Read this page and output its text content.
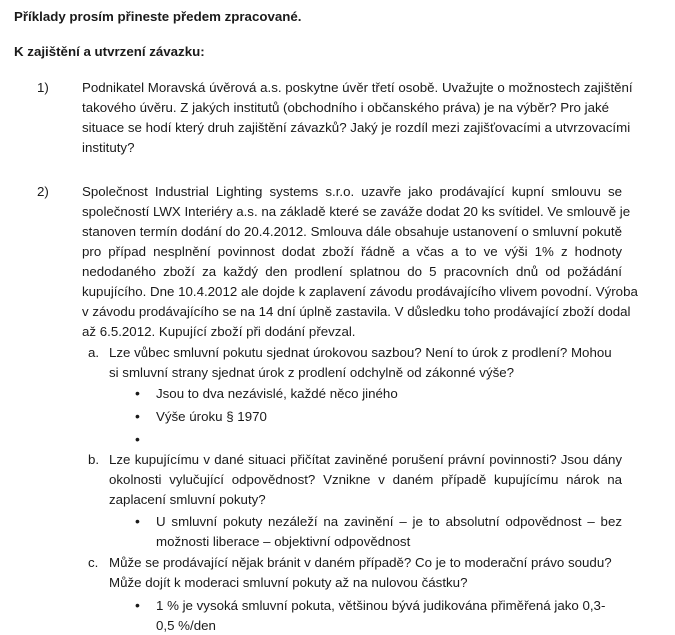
Příklady prosím přineste předem zpracované.
K zajištění a utvrzení závazku:
1) Podnikatel Moravská úvěrová a.s. poskytne úvěr třetí osobě. Uvažujte o možnostech zajištění
takového úvěru. Z jakých institutů (obchodního i občanského práva) je na výběr? Pro jaké
situace se hodí který druh zajištění závazků? Jaký je rozdíl mezi zajišťovacími a utvrzovacími
instituty?
2) Společnost Industrial Lighting systems s.r.o. uzavře jako prodávající kupní smlouvu se
společností LWX Interiéry a.s. na základě které se zaváže dodat 20 ks svítidel. Ve smlouvě je
stanoven termín dodání do 20.4.2012. Smlouva dále obsahuje ustanovení o smluvní pokutě
pro případ nesplnění povinnost dodat zboží řádně a včas a to ve výši 1% z hodnoty
nedodaného zboží za každý den prodlení splatnou do 5 pracovních dnů od požádání
kupujícího. Dne 10.4.2012 ale dojde k zaplavení závodu prodávajícího vlivem povodní. Výroba
v závodu prodávajícího se na 14 dní úplně zastavila. V důsledku toho prodávající zboží dodal
až 6.5.2012. Kupující zboží při dodání převzal.
a. Lze vůbec smluvní pokutu sjednat úrokovou sazbou? Není to úrok z prodlení? Mohou
si smluvní strany sjednat úrok z prodlení odchylně od zákonné výše?
•
Jsou to dva nezávislé, každé něco jiného
•
Výše úroku § 1970
•
b. Lze kupujícímu v dané situaci přičítat zaviněné porušení právní povinnosti? Jsou dány
okolnosti vylučující odpovědnost? Vznikne v daném případě kupujícímu nárok na
zaplacení smluvní pokuty?
•
U smluvní pokuty nezáleží na zavinění – je to absolutní odpovědnost – bez
možnosti liberace – objektivní odpovědnost
c. Může se prodávající nějak bránit v daném případě? Co je to moderační právo soudu?
Může dojít k moderaci smluvní pokuty až na nulovou částku?
•
1 % je vysoká smluvní pokuta, většinou bývá judikována přiměřená jako 0,3-
0,5 %/den
